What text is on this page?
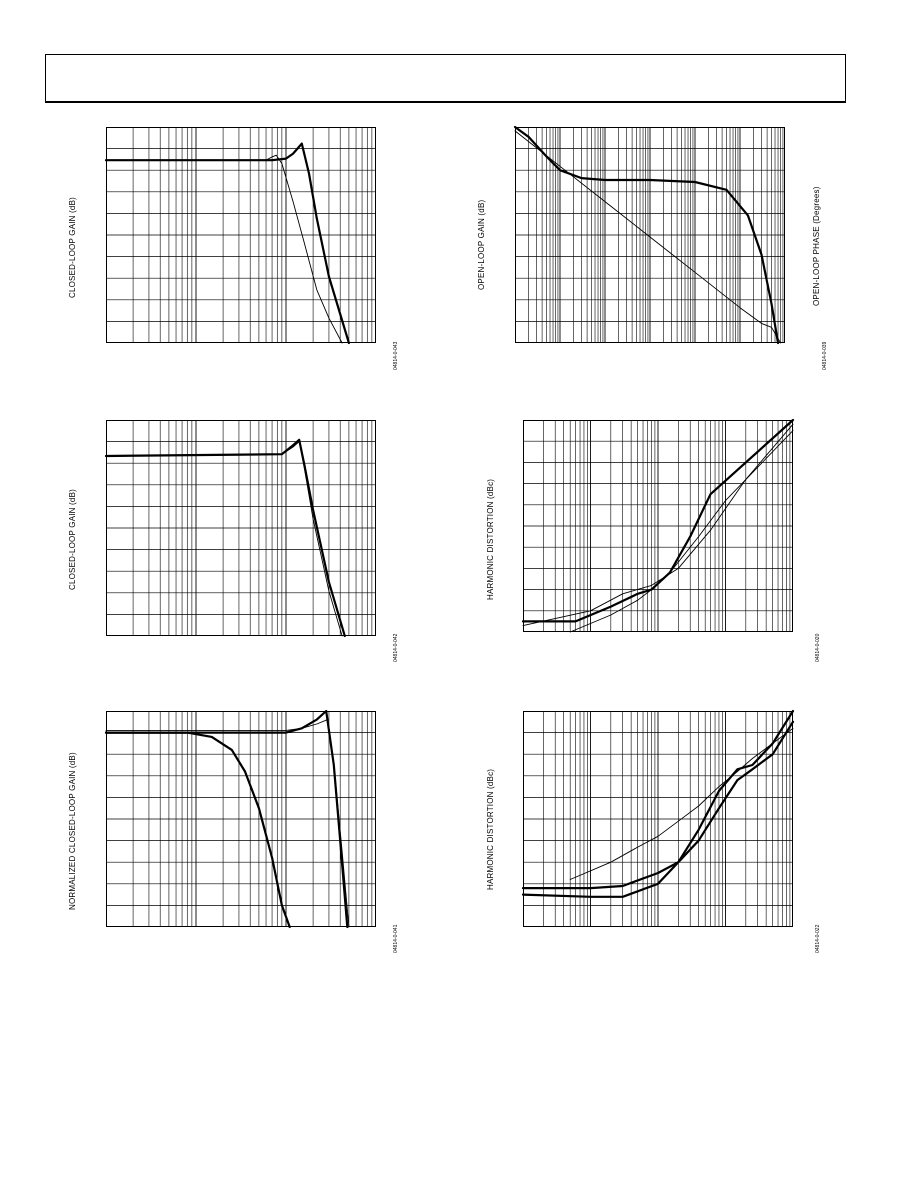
CLOSED-LOOP GAIN (dB)
04814-0-043
CLOSED-LOOP GAIN (dB)
04814-0-042
NORMALIZED CLOSED-LOOP GAIN (dB)
04814-0-041
OPEN-LOOP GAIN (dB)	OPEN-LOOP PHASE (Degrees)
04814-0-039
HARMONIC DISTORTION (dBc)
04814-0-020
HARMONIC DISTORTION (dBc)
04814-0-022
